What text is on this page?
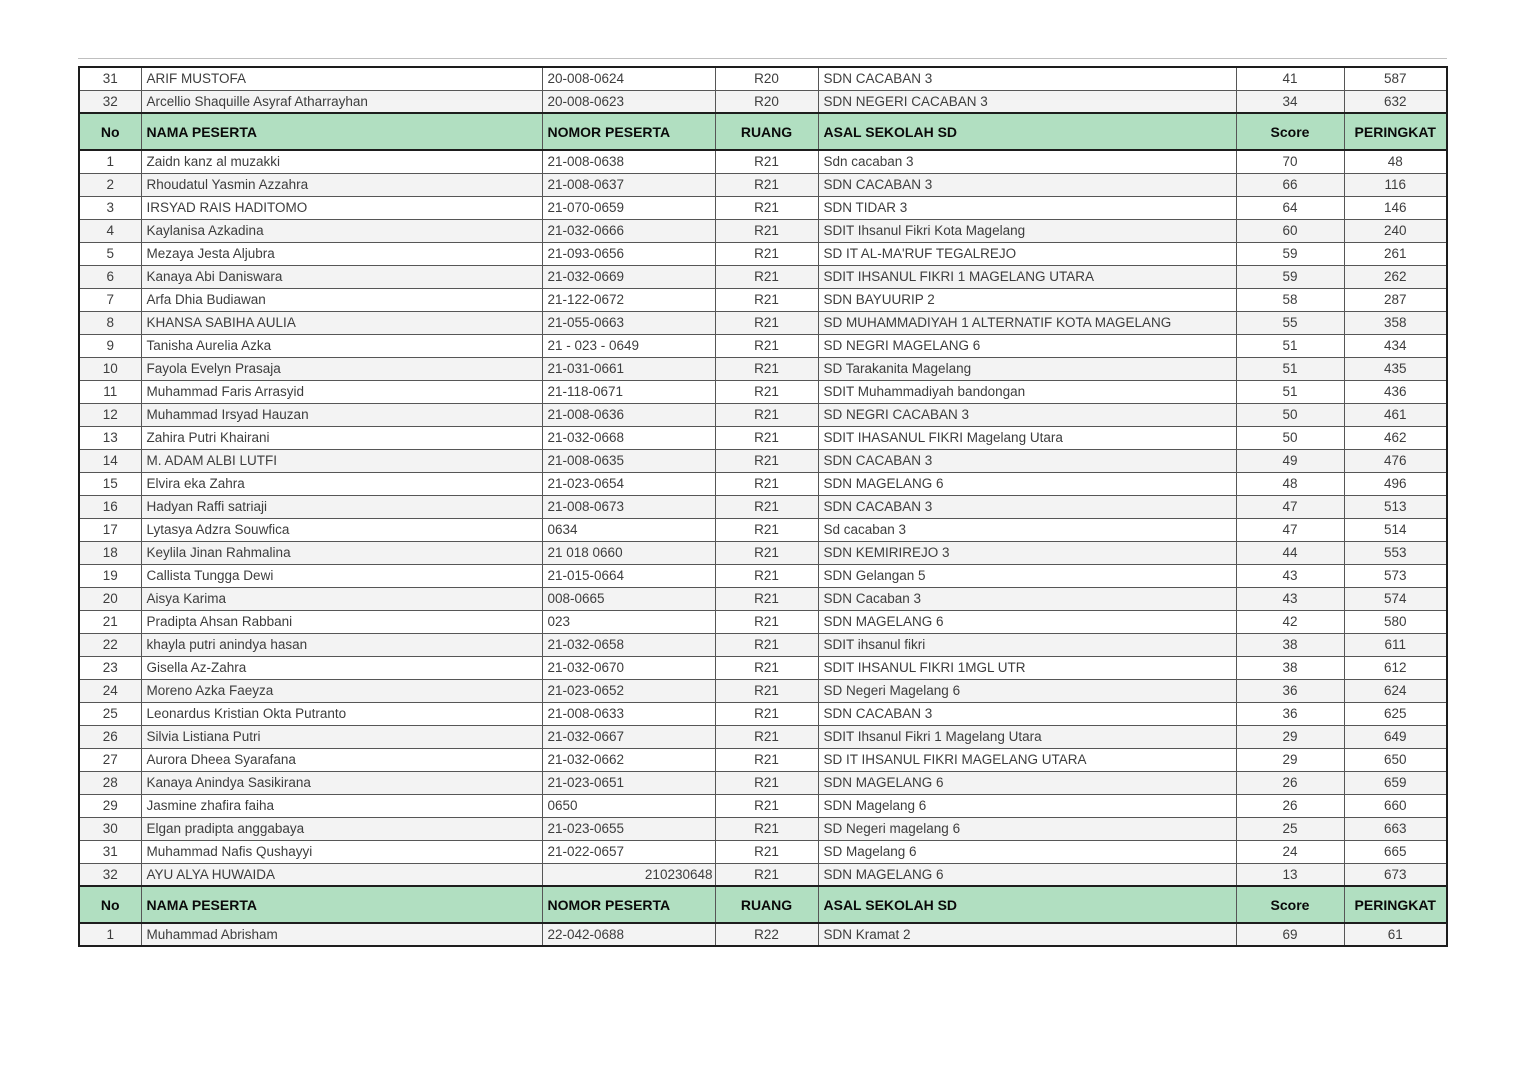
31	ARIF MUSTOFA	20-008-0624	R20	SDN CACABAN 3	41	587
32	Arcellio Shaquille Asyraf Atharrayhan	20-008-0623	R20	SDN NEGERI CACABAN 3	34	632
No	NAMA PESERTA	NOMOR PESERTA	RUANG	ASAL SEKOLAH SD	Score	PERINGKAT
1	Zaidn kanz al muzakki	21-008-0638	R21	Sdn cacaban 3	70	48
2	Rhoudatul Yasmin Azzahra	21-008-0637	R21	SDN CACABAN 3	66	116
3	IRSYAD RAIS HADITOMO	21-070-0659	R21	SDN TIDAR 3	64	146
4	Kaylanisa Azkadina	21-032-0666	R21	SDIT Ihsanul Fikri Kota Magelang	60	240
5	Mezaya Jesta Aljubra	21-093-0656	R21	SD IT AL-MA'RUF TEGALREJO	59	261
6	Kanaya Abi Daniswara	21-032-0669	R21	SDIT IHSANUL FIKRI 1 MAGELANG UTARA	59	262
7	Arfa Dhia Budiawan	21-122-0672	R21	SDN BAYUURIP 2	58	287
8	KHANSA SABIHA AULIA	21-055-0663	R21	SD MUHAMMADIYAH 1 ALTERNATIF KOTA MAGELANG	55	358
9	Tanisha Aurelia Azka	21 - 023 - 0649	R21	SD NEGRI MAGELANG 6	51	434
10	Fayola Evelyn Prasaja	21-031-0661	R21	SD Tarakanita Magelang	51	435
11	Muhammad Faris Arrasyid	21-118-0671	R21	SDIT Muhammadiyah bandongan	51	436
12	Muhammad Irsyad Hauzan	21-008-0636	R21	SD NEGRI CACABAN 3	50	461
13	Zahira Putri Khairani	21-032-0668	R21	SDIT IHASANUL FIKRI Magelang Utara	50	462
14	M. ADAM ALBI LUTFI	21-008-0635	R21	SDN CACABAN 3	49	476
15	Elvira eka Zahra	21-023-0654	R21	SDN MAGELANG 6	48	496
16	Hadyan Raffi satriaji	21-008-0673	R21	SDN CACABAN 3	47	513
17	Lytasya Adzra Souwfica	0634	R21	Sd cacaban 3	47	514
18	Keylila Jinan Rahmalina	21 018 0660	R21	SDN KEMIRIREJO 3	44	553
19	Callista Tungga Dewi	21-015-0664	R21	SDN Gelangan 5	43	573
20	Aisya Karima	008-0665	R21	SDN Cacaban 3	43	574
21	Pradipta Ahsan Rabbani	023	R21	SDN MAGELANG 6	42	580
22	khayla putri anindya hasan	21-032-0658	R21	SDIT ihsanul fikri	38	611
23	Gisella Az-Zahra	21-032-0670	R21	SDIT IHSANUL FIKRI 1MGL UTR	38	612
24	Moreno Azka Faeyza	21-023-0652	R21	SD Negeri Magelang 6	36	624
25	Leonardus Kristian Okta Putranto	21-008-0633	R21	SDN CACABAN 3	36	625
26	Silvia Listiana Putri	21-032-0667	R21	SDIT Ihsanul Fikri 1 Magelang Utara	29	649
27	Aurora Dheea Syarafana	21-032-0662	R21	SD IT IHSANUL FIKRI MAGELANG UTARA	29	650
28	Kanaya Anindya Sasikirana	21-023-0651	R21	SDN MAGELANG 6	26	659
29	Jasmine zhafira faiha	0650	R21	SDN Magelang 6	26	660
30	Elgan pradipta anggabaya	21-023-0655	R21	SD Negeri magelang 6	25	663
31	Muhammad Nafis Qushayyi	21-022-0657	R21	SD Magelang 6	24	665
32	AYU ALYA HUWAIDA	210230648	R21	SDN MAGELANG 6	13	673
No	NAMA PESERTA	NOMOR PESERTA	RUANG	ASAL SEKOLAH SD	Score	PERINGKAT
1	Muhammad Abrisham	22-042-0688	R22	SDN Kramat 2	69	61
